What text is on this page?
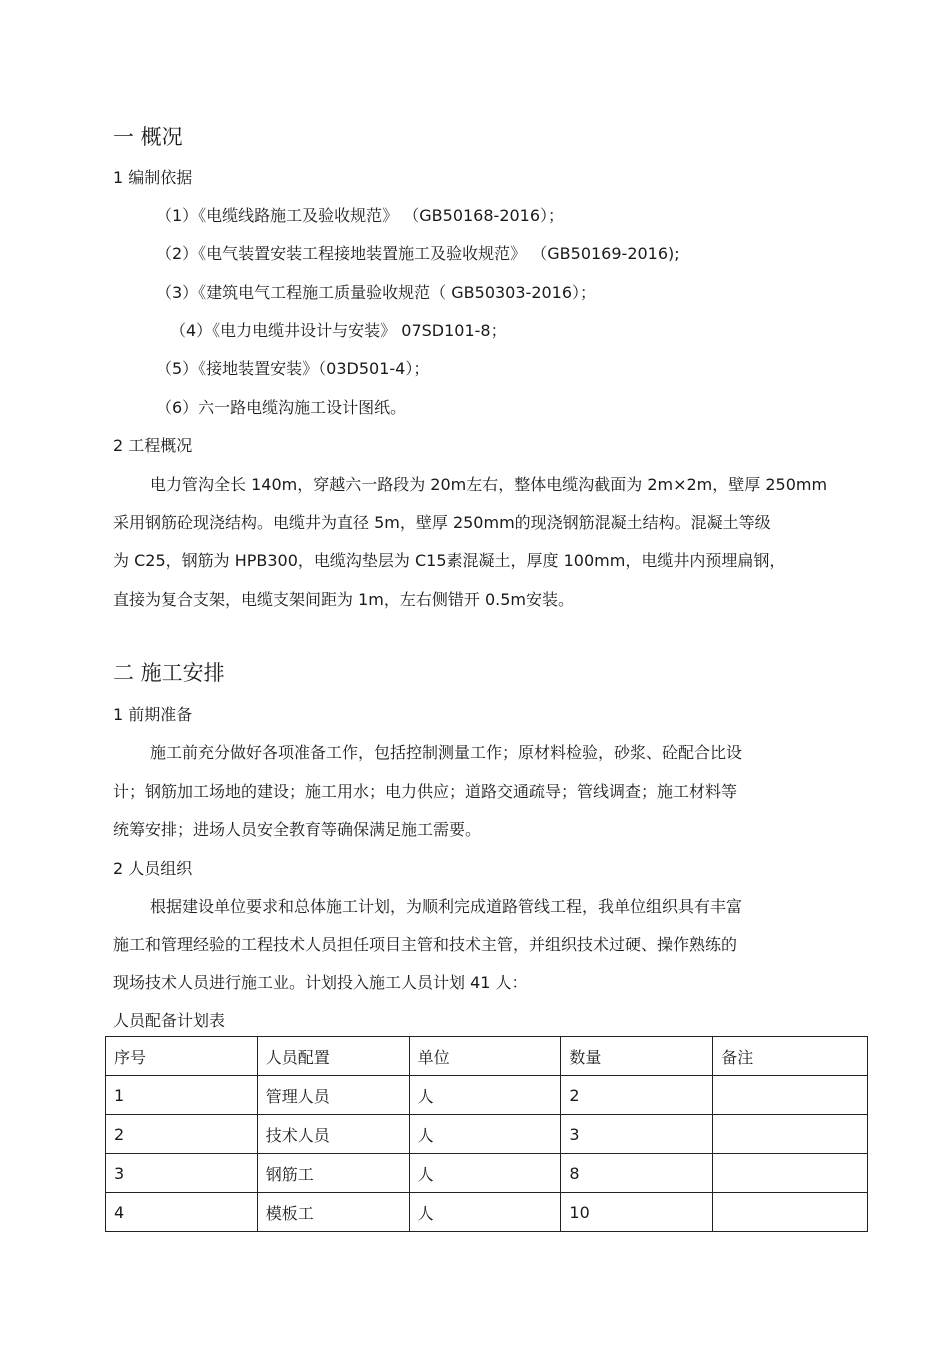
一 概况
1 编制依据
（1）《电缆线路施工及验收规范》 （GB50168-2016）；
（2）《电气装置安装工程接地装置施工及验收规范》 （GB50169-2016);
（3）《建筑电气工程施工质量验收规范（ GB50303-2016）；
（4）《电力电缆井设计与安装》 07SD101-8；
（5）《接地装置安装》（03D501-4）；
（6）六一路电缆沟施工设计图纸。
2 工程概况
电力管沟全长 140m，穿越六一路段为 20m左右，整体电缆沟截面为 2m×2m，壁厚 250mm
采用钢筋砼现浇结构。电缆井为直径 5m，壁厚 250mm的现浇钢筋混凝土结构。混凝土等级
为 C25，钢筋为 HPB300，电缆沟垫层为 C15素混凝土，厚度 100mm，电缆井内预埋扁钢，
直接为复合支架，电缆支架间距为 1m，左右侧错开 0.5m安装。
二 施工安排
1 前期准备
施工前充分做好各项准备工作，包括控制测量工作；原材料检验，砂浆、砼配合比设
计；钢筋加工场地的建设；施工用水；电力供应；道路交通疏导；管线调查；施工材料等
统筹安排；进场人员安全教育等确保满足施工需要。
2 人员组织
根据建设单位要求和总体施工计划，为顺利完成道路管线工程，我单位组织具有丰富
施工和管理经验的工程技术人员担任项目主管和技术主管，并组织技术过硬、操作熟练的
现场技术人员进行施工业。计划投入施工人员计划 41 人：
人员配备计划表
序号	人员配置	单位	数量	备注
1	管理人员	人	2	
2	技术人员	人	3	
3	钢筋工	人	8	
4	模板工	人	10	
